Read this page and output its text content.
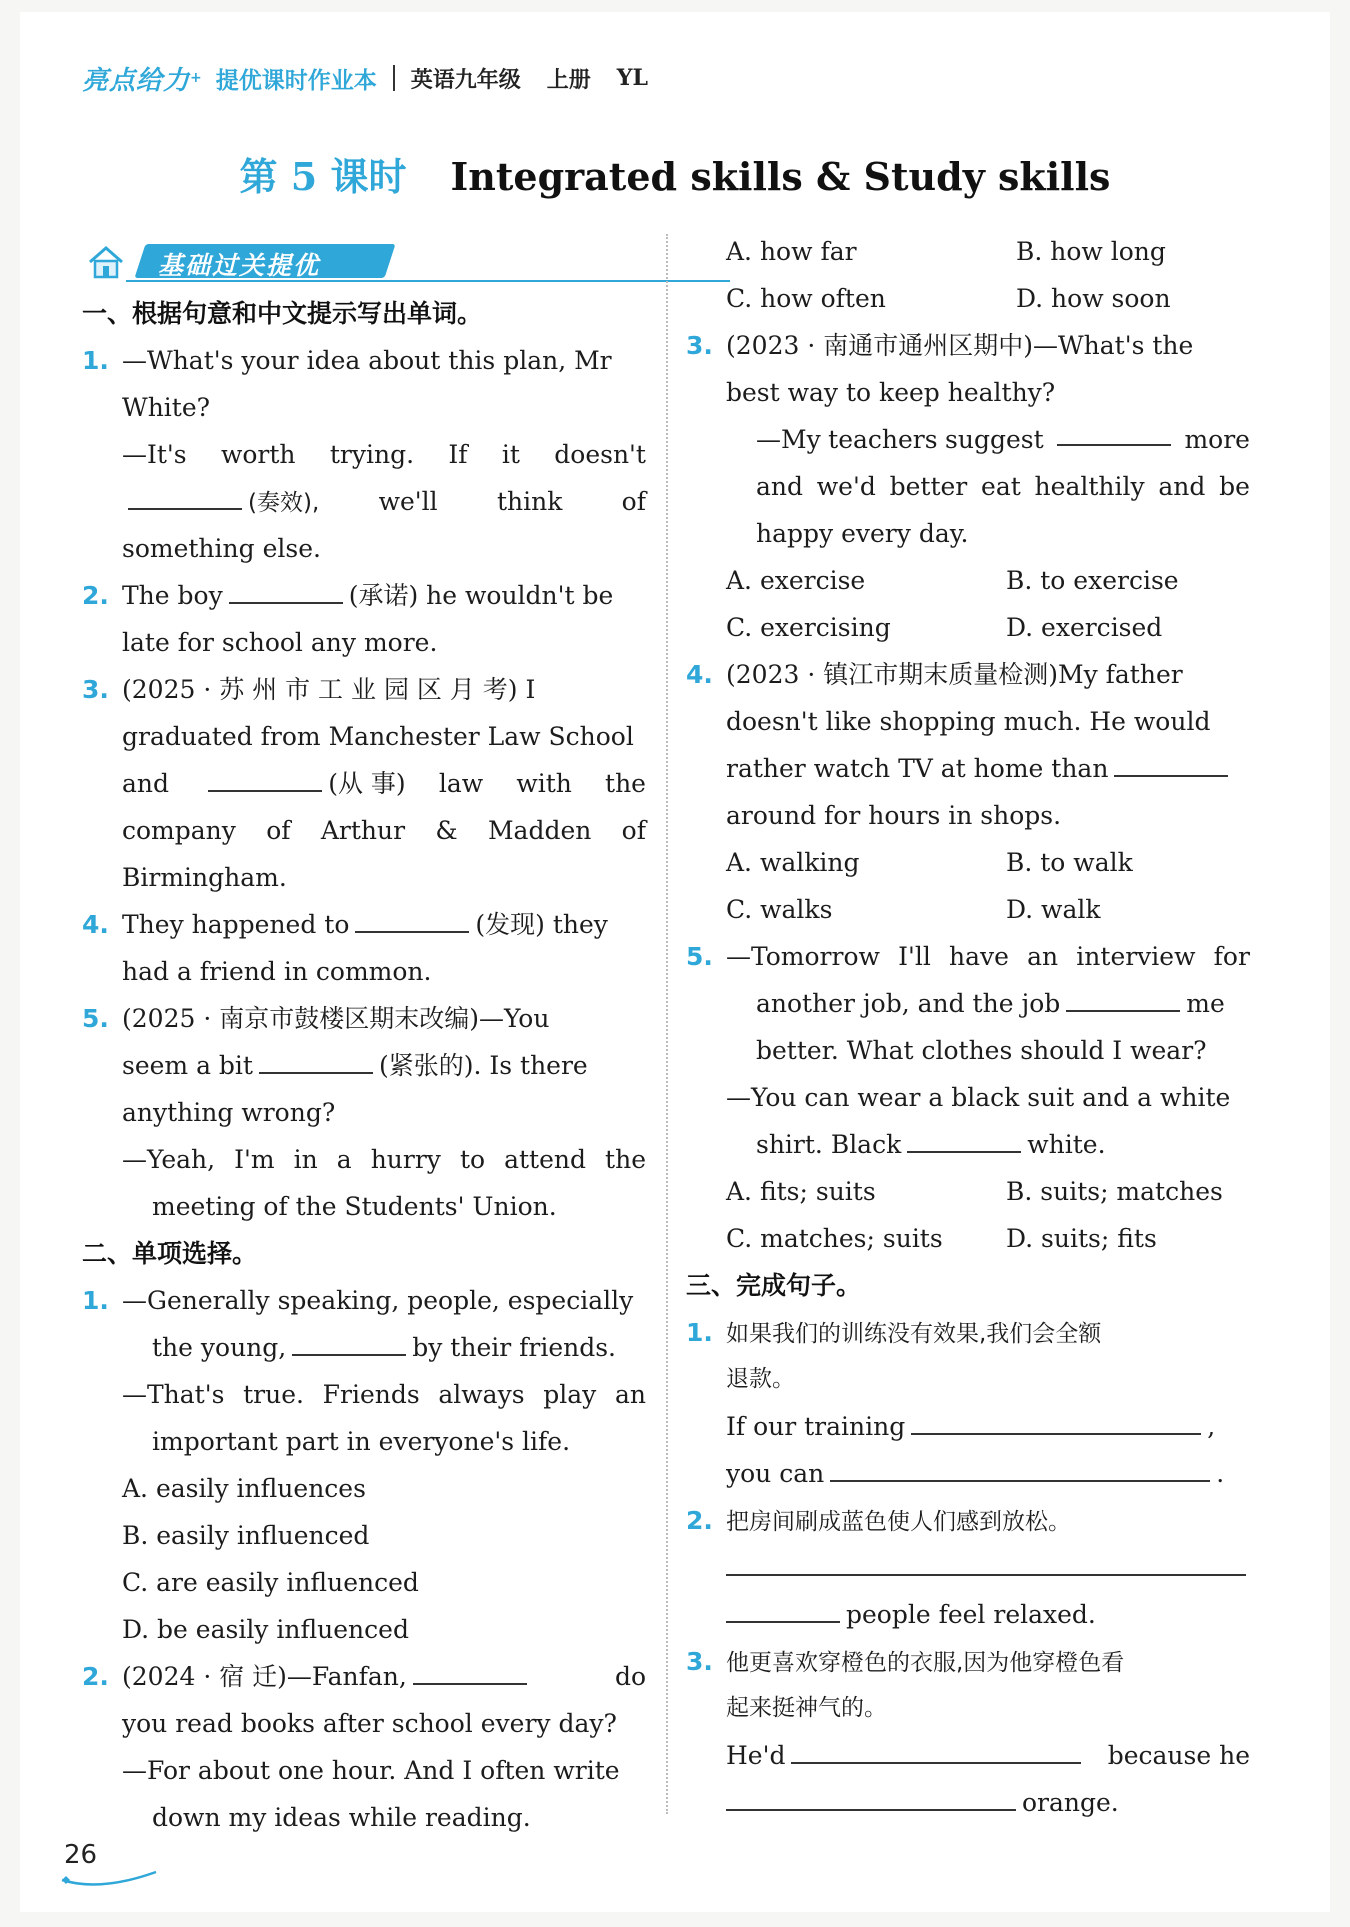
亮点给力 + 提优课时作业本 英语九年级 上册 YL
第 5 课时 Integrated skills & Study skills
基础过关提优
一、根据句意和中文提示写出单词。
1. —What's your idea about this plan, Mr
White?
—It's worth trying. If it doesn't
(奏效), we'll think of
something else.
2. The boy	(承诺) he wouldn't be
late for school any more.
3. (2025 · 苏 州 市 工 业 园 区 月 考) I
graduated from Manchester Law School
and	(从 事) law with the
company of Arthur & Madden of
Birmingham.
4. They happened to	(发现) they
had a friend in common.
5. (2025 · 南京市鼓楼区期末改编)—You
seem a bit	(紧张的). Is there
anything wrong?
—Yeah, I'm in a hurry to attend the
meeting of the Students' Union.
二、单项选择。
1. —Generally speaking, people, especially
the young,	by their friends.
—That's true. Friends always play an
important part in everyone's life.
A. easily influences
B. easily influenced
C. are easily influenced
D. be easily influenced
2. (2024 · 宿 迁)—Fanfan,	do
you read books after school every day?
—For about one hour. And I often write
down my ideas while reading.
A. how far	B. how long
C. how often	D. how soon
3. (2023 · 南通市通州区期中)—What's the
best way to keep healthy?
—My teachers suggest	more
and we'd better eat healthily and be
happy every day.
A. exercise	B. to exercise
C. exercising	D. exercised
4. (2023 · 镇江市期末质量检测)My father
doesn't like shopping much. He would
rather watch TV at home than
around for hours in shops.
A. walking	B. to walk
C. walks	D. walk
5. —Tomorrow I'll have an interview for
another job, and the job	me
better. What clothes should I wear?
—You can wear a black suit and a white
shirt. Black	white.
A. fits; suits	B. suits; matches
C. matches; suits	D. suits; fits
三、完成句子。
1. 如果我们的训练没有效果,我们会全额
退款。
If our training	,
you can	.
2. 把房间刷成蓝色使人们感到放松。
people feel relaxed.
3. 他更喜欢穿橙色的衣服,因为他穿橙色看
起来挺神气的。
He'd	because he
orange.
26
